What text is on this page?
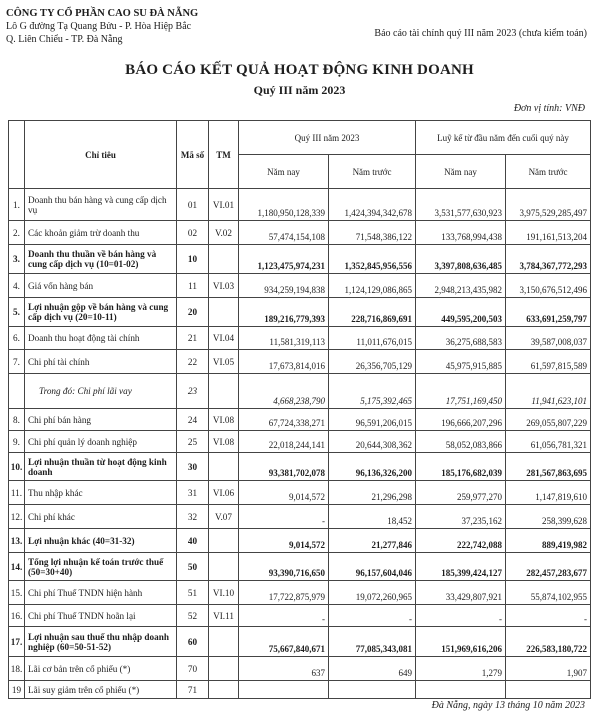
CÔNG TY CỔ PHẦN CAO SU ĐÀ NẴNG
Lô G đường Tạ Quang Bửu - P. Hòa Hiệp Bắc
Q. Liên Chiểu - TP. Đà Nẵng
Báo cáo tài chính quý III năm 2023 (chưa kiểm toán)
BÁO CÁO KẾT QUẢ HOẠT ĐỘNG KINH DOANH
Quý III năm 2023
Đơn vị tính: VNĐ
	Chỉ tiêu	Mã số	TM	Quý III năm 2023		Luỹ kế từ đầu năm đến cuối quý này	
				Năm nay	Năm trước	Năm nay	Năm trước
1.	Doanh thu bán hàng và cung cấp dịch vụ	01	VI.01	1,180,950,128,339	1,424,394,342,678	3,531,577,630,923	3,975,529,285,497
2.	Các khoản giảm trừ doanh thu	02	V.02	57,474,154,108	71,548,386,122	133,768,994,438	191,161,513,204
3.	Doanh thu thuần về bán hàng và cung cấp dịch vụ (10=01-02)	10		1,123,475,974,231	1,352,845,956,556	3,397,808,636,485	3,784,367,772,293
4.	Giá vốn hàng bán	11	VI.03	934,259,194,838	1,124,129,086,865	2,948,213,435,982	3,150,676,512,496
5.	Lợi nhuận gộp về bán hàng và cung cấp dịch vụ (20=10-11)	20		189,216,779,393	228,716,869,691	449,595,200,503	633,691,259,797
6.	Doanh thu hoạt động tài chính	21	VI.04	11,581,319,113	11,011,676,015	36,275,688,583	39,587,008,037
7.	Chi phí tài chính	22	VI.05	17,673,814,016	26,356,705,129	45,975,915,885	61,597,815,589
	Trong đó: Chi phí lãi vay	23		4,668,238,790	5,175,392,465	17,751,169,450	11,941,623,101
8.	Chi phí bán hàng	24	VI.08	67,724,338,271	96,591,206,015	196,666,207,296	269,055,807,229
9.	Chi phí quản lý doanh nghiệp	25	VI.08	22,018,244,141	20,644,308,362	58,052,083,866	61,056,781,321
10.	Lợi nhuận thuần từ hoạt động kinh doanh	30		93,381,702,078	96,136,326,200	185,176,682,039	281,567,863,695
11.	Thu nhập khác	31	VI.06	9,014,572	21,296,298	259,977,270	1,147,819,610
12.	Chi phí khác	32	V.07	-	18,452	37,235,162	258,399,628
13.	Lợi nhuận khác (40=31-32)	40		9,014,572	21,277,846	222,742,088	889,419,982
14.	Tổng lợi nhuận kế toán trước thuế (50=30+40)	50		93,390,716,650	96,157,604,046	185,399,424,127	282,457,283,677
15.	Chi phí Thuế TNDN hiện hành	51	VI.10	17,722,875,979	19,072,260,965	33,429,807,921	55,874,102,955
16.	Chi phí Thuế TNDN hoãn lại	52	VI.11	-	-	-	-
17.	Lợi nhuận sau thuế thu nhập doanh nghiệp (60=50-51-52)	60		75,667,840,671	77,085,343,081	151,969,616,206	226,583,180,722
18.	Lãi cơ bản trên cổ phiếu (*)	70		637	649	1,279	1,907
19	Lãi suy giảm trên cổ phiếu (*)	71					
Đà Nẵng, ngày 13 tháng 10 năm 2023
